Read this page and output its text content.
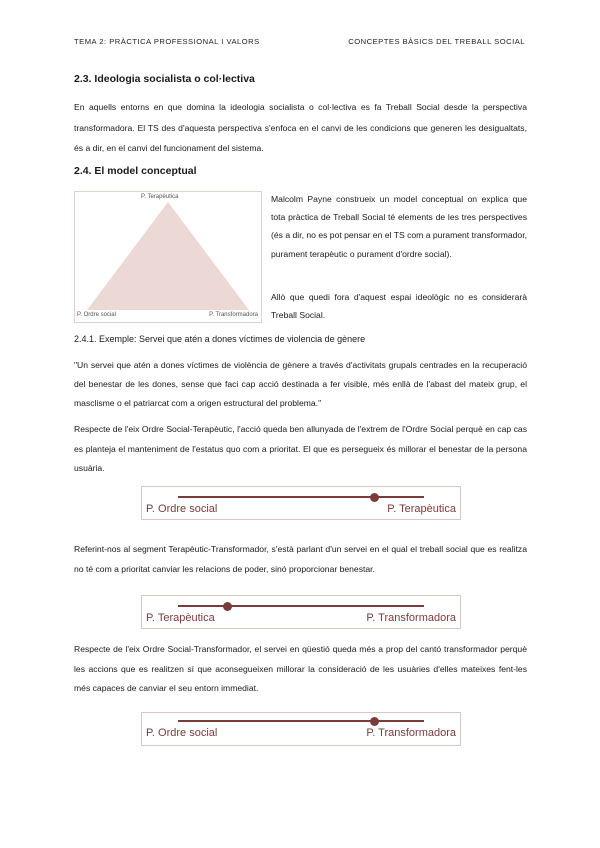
TEMA 2: PRÀCTICA PROFESSIONAL I VALORS	CONCEPTES BÀSICS DEL TREBALL SOCIAL
2.3. Ideologia socialista o col·lectiva

En aquells entorns en que domina la ideologia socialista o col·lectiva es fa Treball Social desde la perspectiva transformadora. El TS des d'aquesta perspectiva s'enfoca en el canvi de les condicions que generen les desigualtats, és a dir, en el canvi del funcionament del sistema.

2.4. El model conceptual
P. Terapèutica
P. Ordre social	P. Transformadora

Malcolm Payne construeix un model conceptual on explica que tota pràctica de Treball Social té elements de les tres perspectives (és a dir, no es pot pensar en el TS com a purament transformador, purament terapèutic o purament d'ordre social).

Allò que quedi fora d'aquest espai ideològic no es considerarà Treball Social.

2.4.1. Exemple: Servei que atén a dones víctimes de violencia de gènere

"Un servei que atén a dones víctimes de violència de gènere a través d'activitats grupals centrades en la recuperació del benestar de les dones, sense que faci cap acció destinada a fer visible, més enllà de l'abast del mateix grup, el masclisme o el patriarcat com a origen estructural del problema."

Respecte de l'eix Ordre Social-Terapèutic, l'acció queda ben allunyada de l'extrem de l'Ordre Social perquè en cap cas es planteja el manteniment de l'estatus quo com a prioritat. El que es persegueix és millorar el benestar de la persona usuària.

P. Ordre social	P. Terapèutica

Referint-nos al segment Terapèutic-Transformador, s'està parlant d'un servei en el qual el treball social que es realitza no té com a prioritat canviar les relacions de poder, sinó proporcionar benestar.

P. Terapèutica	P. Transformadora

Respecte de l'eix Ordre Social-Transformador, el servei en qüestió queda més a prop del cantó transformador perquè les accions que es realitzen sí que aconsegueixen millorar la consideració de les usuàries d'elles mateixes fent-les més capaces de canviar el seu entorn immediat.

P. Ordre social	P. Transformadora
